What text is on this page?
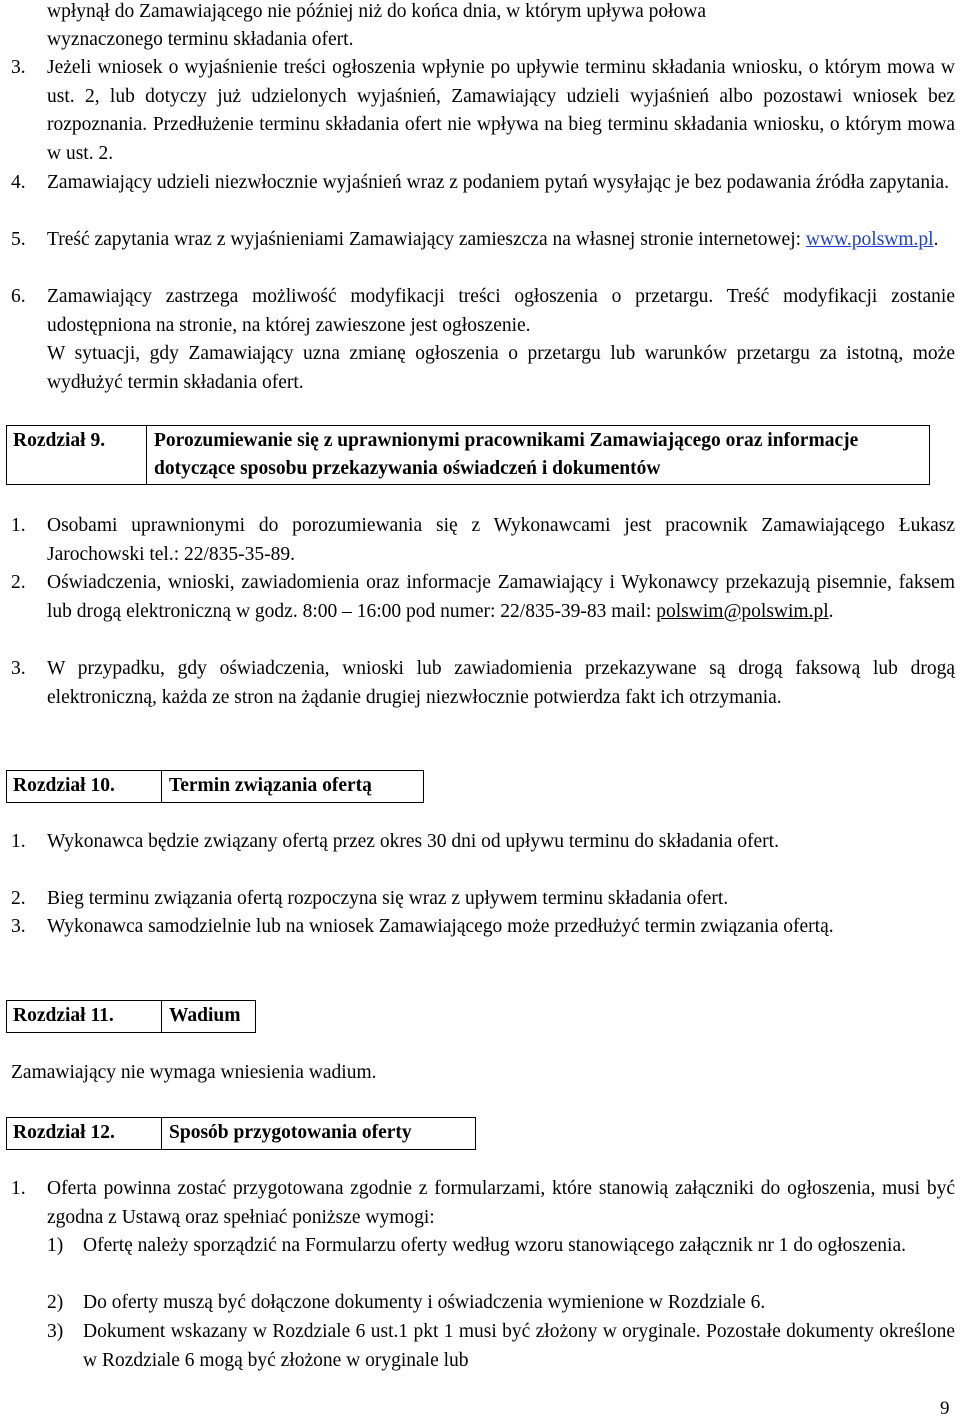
wpłynął do Zamawiającego nie później niż do końca dnia, w którym upływa połowa

wyznaczonego terminu składania ofert.

3. Jeżeli wniosek o wyjaśnienie treści ogłoszenia wpłynie po upływie terminu składania wniosku, o którym mowa w ust. 2, lub dotyczy już udzielonych wyjaśnień, Zamawiający udzieli wyjaśnień albo pozostawi wniosek bez rozpoznania. Przedłużenie terminu składania ofert nie wpływa na bieg terminu składania wniosku, o którym mowa w ust. 2.

4. Zamawiający udzieli niezwłocznie wyjaśnień wraz z podaniem pytań wysyłając je bez podawania źródła zapytania.

5. Treść zapytania wraz z wyjaśnieniami Zamawiający zamieszcza na własnej stronie internetowej: www.polswm.pl.

6. Zamawiający zastrzega możliwość modyfikacji treści ogłoszenia o przetargu. Treść modyfikacji zostanie udostępniona na stronie, na której zawieszone jest ogłoszenie.

W sytuacji, gdy Zamawiający uzna zmianę ogłoszenia o przetargu lub warunków przetargu za istotną, może wydłużyć termin składania ofert.

Rozdział 9.	Porozumiewanie się z uprawnionymi pracownikami Zamawiającego oraz informacje dotyczące sposobu przekazywania oświadczeń i dokumentów

1. Osobami uprawnionymi do porozumiewania się z Wykonawcami jest pracownik Zamawiającego Łukasz Jarochowski tel.: 22/835-35-89.

2. Oświadczenia, wnioski, zawiadomienia oraz informacje Zamawiający i Wykonawcy przekazują pisemnie, faksem lub drogą elektroniczną w godz. 8:00 – 16:00 pod numer: 22/835-39-83 mail: polswim@polswim.pl.

3. W przypadku, gdy oświadczenia, wnioski lub zawiadomienia przekazywane są drogą faksową lub drogą elektroniczną, każda ze stron na żądanie drugiej niezwłocznie potwierdza fakt ich otrzymania.

Rozdział 10.	Termin związania ofertą

1. Wykonawca będzie związany ofertą przez okres 30 dni od upływu terminu do składania ofert.

2. Bieg terminu związania ofertą rozpoczyna się wraz z upływem terminu składania ofert.

3. Wykonawca samodzielnie lub na wniosek Zamawiającego może przedłużyć termin związania ofertą.

Rozdział 11.	Wadium

Zamawiający nie wymaga wniesienia wadium.

Rozdział 12.	Sposób przygotowania oferty

1. Oferta powinna zostać przygotowana zgodnie z formularzami, które stanowią załączniki do ogłoszenia, musi być zgodna z Ustawą oraz spełniać poniższe wymogi:

1) Ofertę należy sporządzić na Formularzu oferty według wzoru stanowiącego załącznik nr 1 do ogłoszenia.

2) Do oferty muszą być dołączone dokumenty i oświadczenia wymienione w Rozdziale 6.

3) Dokument wskazany w Rozdziale 6 ust.1 pkt 1 musi być złożony w oryginale. Pozostałe dokumenty określone w Rozdziale 6 mogą być złożone w oryginale lub

9
